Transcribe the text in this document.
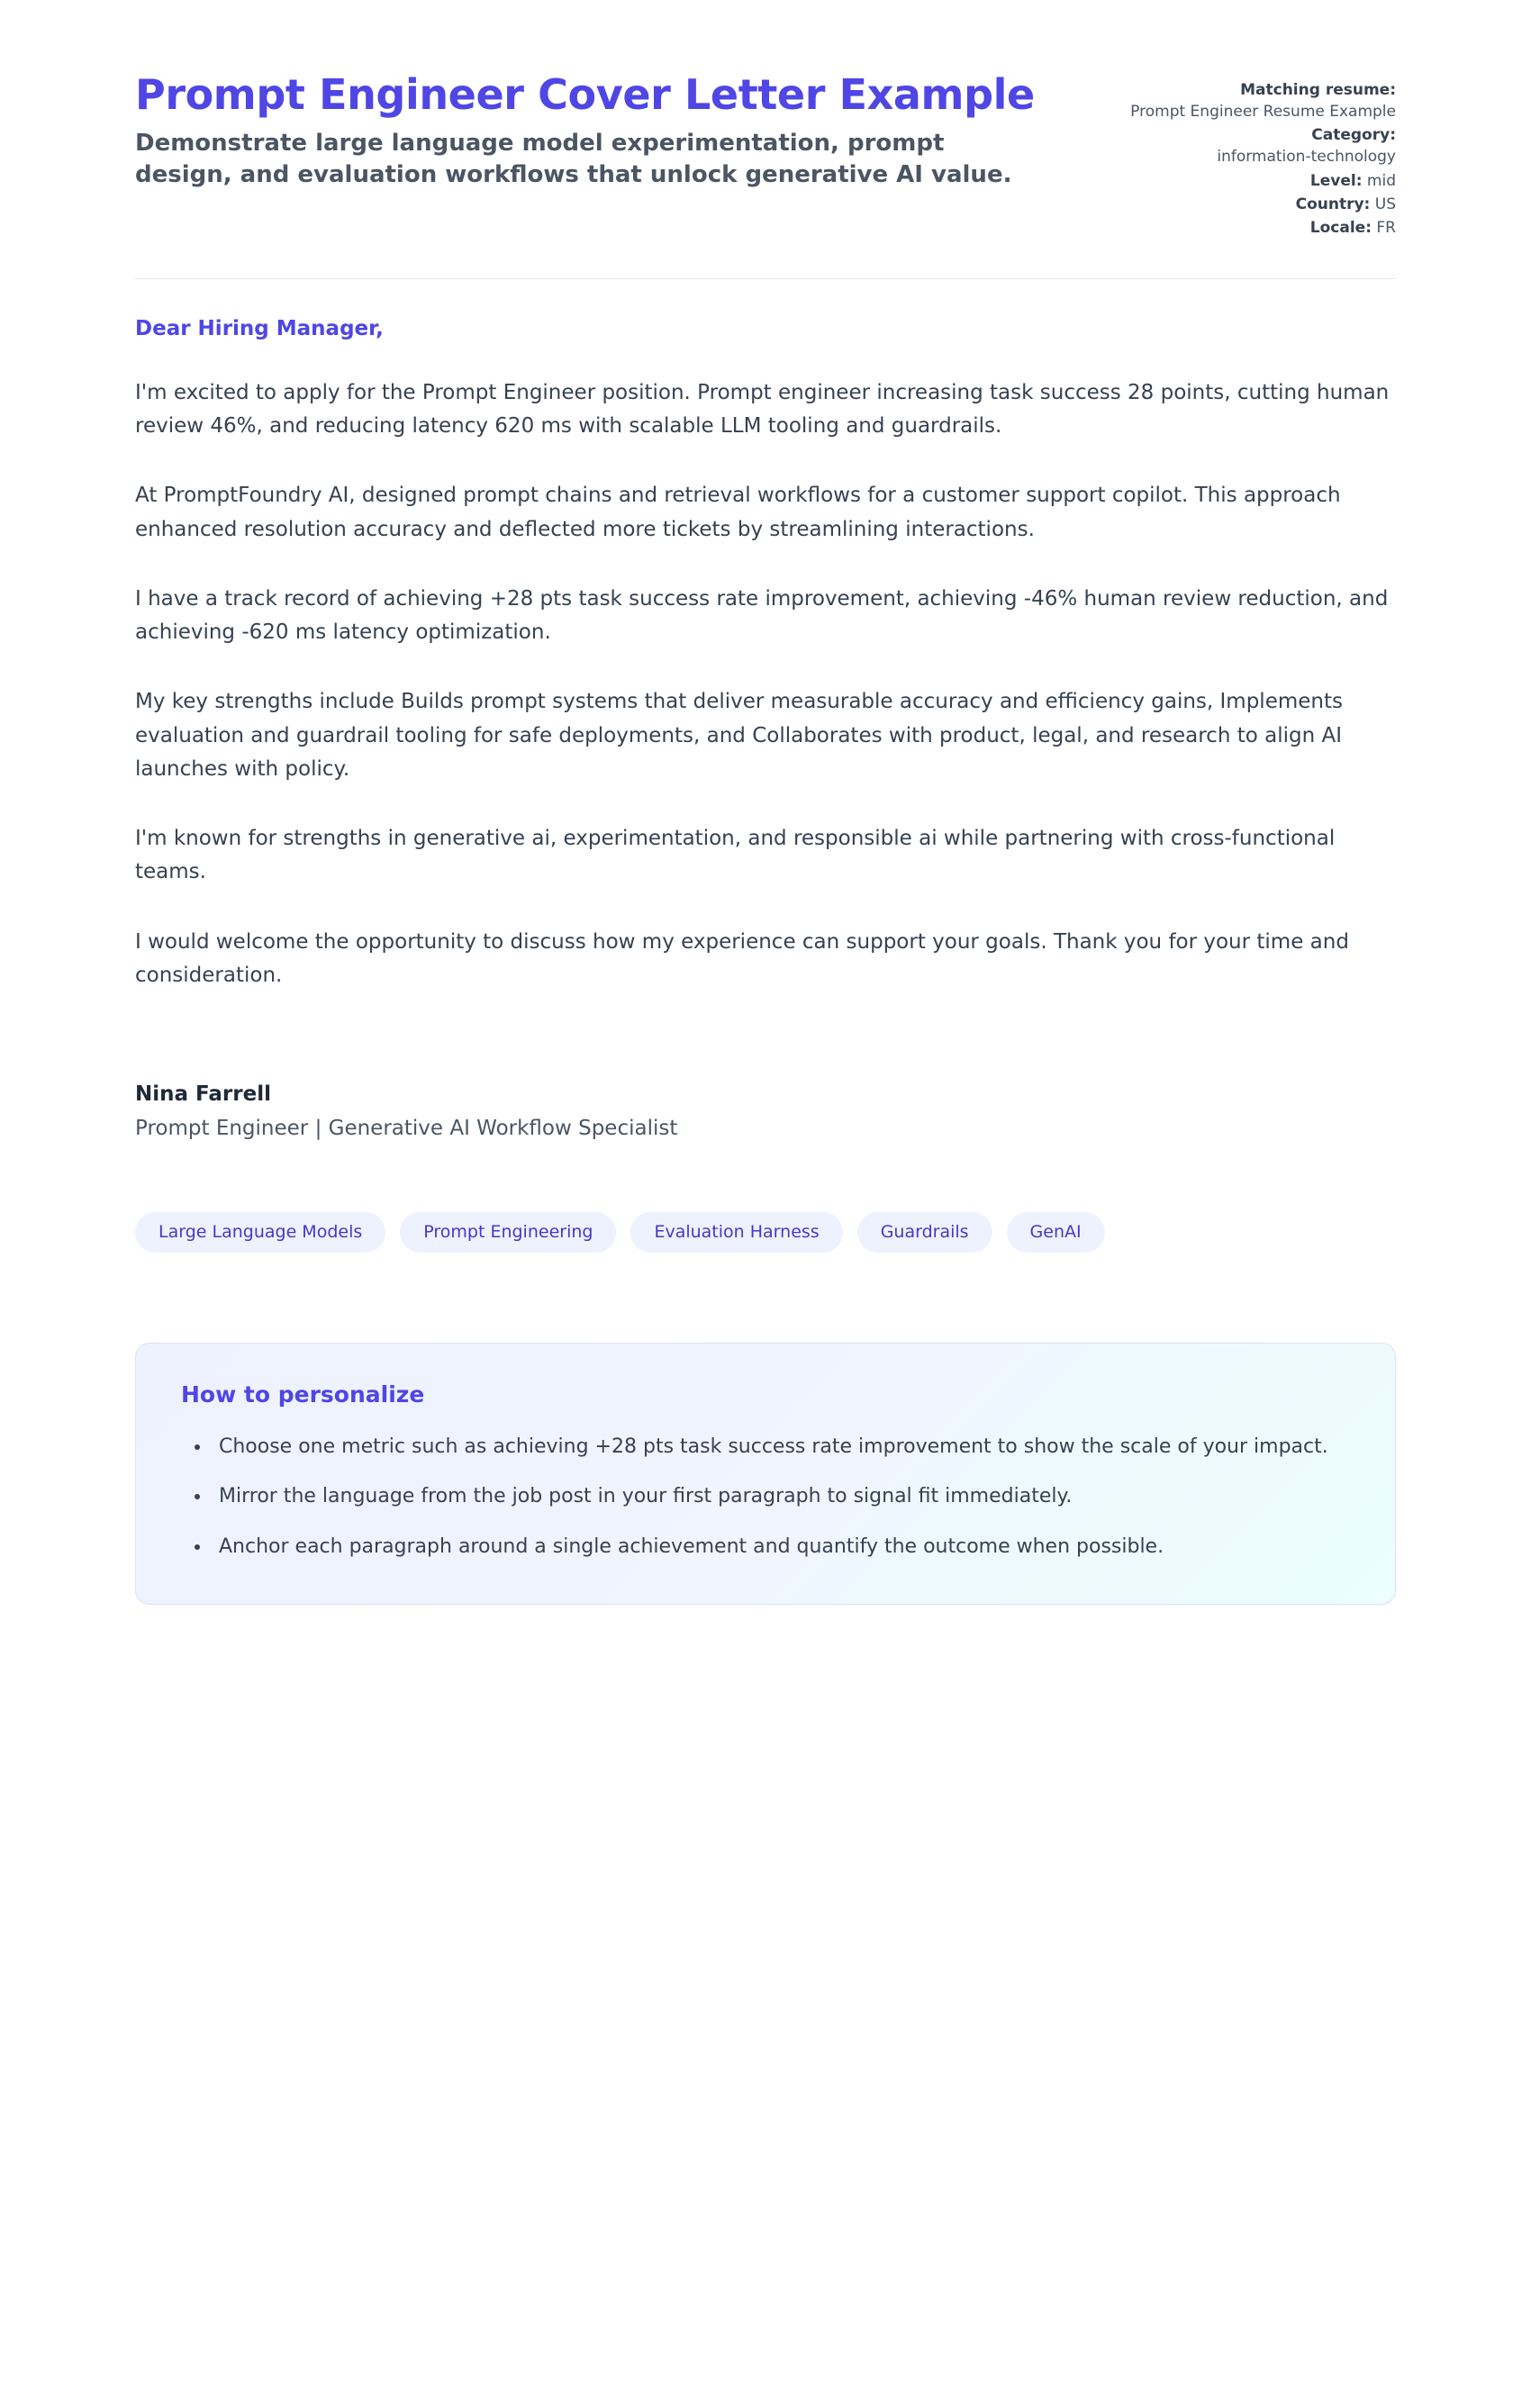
Prompt Engineer Cover Letter Example

Demonstrate large language model experimentation, prompt design, and evaluation workflows that unlock generative AI value.

Matching resume:
Prompt Engineer Resume Example
Category:
information-technology
Level: mid
Country: US
Locale: FR

Dear Hiring Manager,

I'm excited to apply for the Prompt Engineer position. Prompt engineer increasing task success 28 points, cutting human review 46%, and reducing latency 620 ms with scalable LLM tooling and guardrails.

At PromptFoundry AI, designed prompt chains and retrieval workflows for a customer support copilot. This approach enhanced resolution accuracy and deflected more tickets by streamlining interactions.

I have a track record of achieving +28 pts task success rate improvement, achieving -46% human review reduction, and achieving -620 ms latency optimization.

My key strengths include Builds prompt systems that deliver measurable accuracy and efficiency gains, Implements evaluation and guardrail tooling for safe deployments, and Collaborates with product, legal, and research to align AI launches with policy.

I'm known for strengths in generative ai, experimentation, and responsible ai while partnering with cross-functional teams.

I would welcome the opportunity to discuss how my experience can support your goals. Thank you for your time and consideration.

Nina Farrell

Prompt Engineer | Generative AI Workflow Specialist

Large Language Models	Prompt Engineering	Evaluation Harness	Guardrails	GenAI
How to personalize
• Choose one metric such as achieving +28 pts task success rate improvement to show the scale of your impact.
• Mirror the language from the job post in your first paragraph to signal fit immediately.
• Anchor each paragraph around a single achievement and quantify the outcome when possible.
